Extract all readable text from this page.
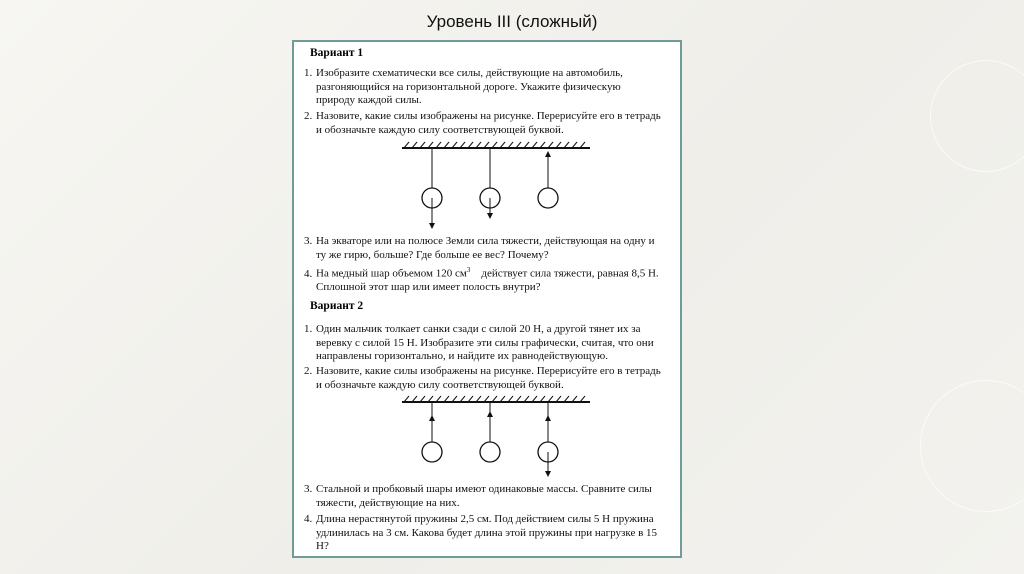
Уровень III (сложный)
Вариант 1
1. Изобразите схематически все силы, действующие на автомобиль,
разгоняющийся на горизонтальной дороге. Укажите физическую
природу каждой силы.
2. Назовите, какие силы изображены на рисунке. Перерисуйте его в тетрадь
и обозначьте каждую силу соответствующей буквой.
3. На экваторе или на полюсе Земли сила тяжести, действующая на одну и
ту же гирю, больше? Где больше ее вес? Почему?
4. На медный шар объемом 120 $см^3$ действует сила тяжести, равная 8,5 Н.
Сплошной этот шар или имеет полость внутри?
Вариант 2
1. Один мальчик толкает санки сзади с силой 20 Н, а другой тянет их за
веревку с силой 15 Н. Изобразите эти силы графически, считая, что они
направлены горизонтально, и найдите их равнодействующую.
2. Назовите, какие силы изображены на рисунке. Перерисуйте его в тетрадь
и обозначьте каждую силу соответствующей буквой.
3. Стальной и пробковый шары имеют одинаковые массы. Сравните силы
тяжести, действующие на них.
4. Длина нерастянутой пружины 2,5 см. Под действием силы 5 Н пружина
удлинилась на 3 см. Какова будет длина этой пружины при нагрузке в 15
Н?
